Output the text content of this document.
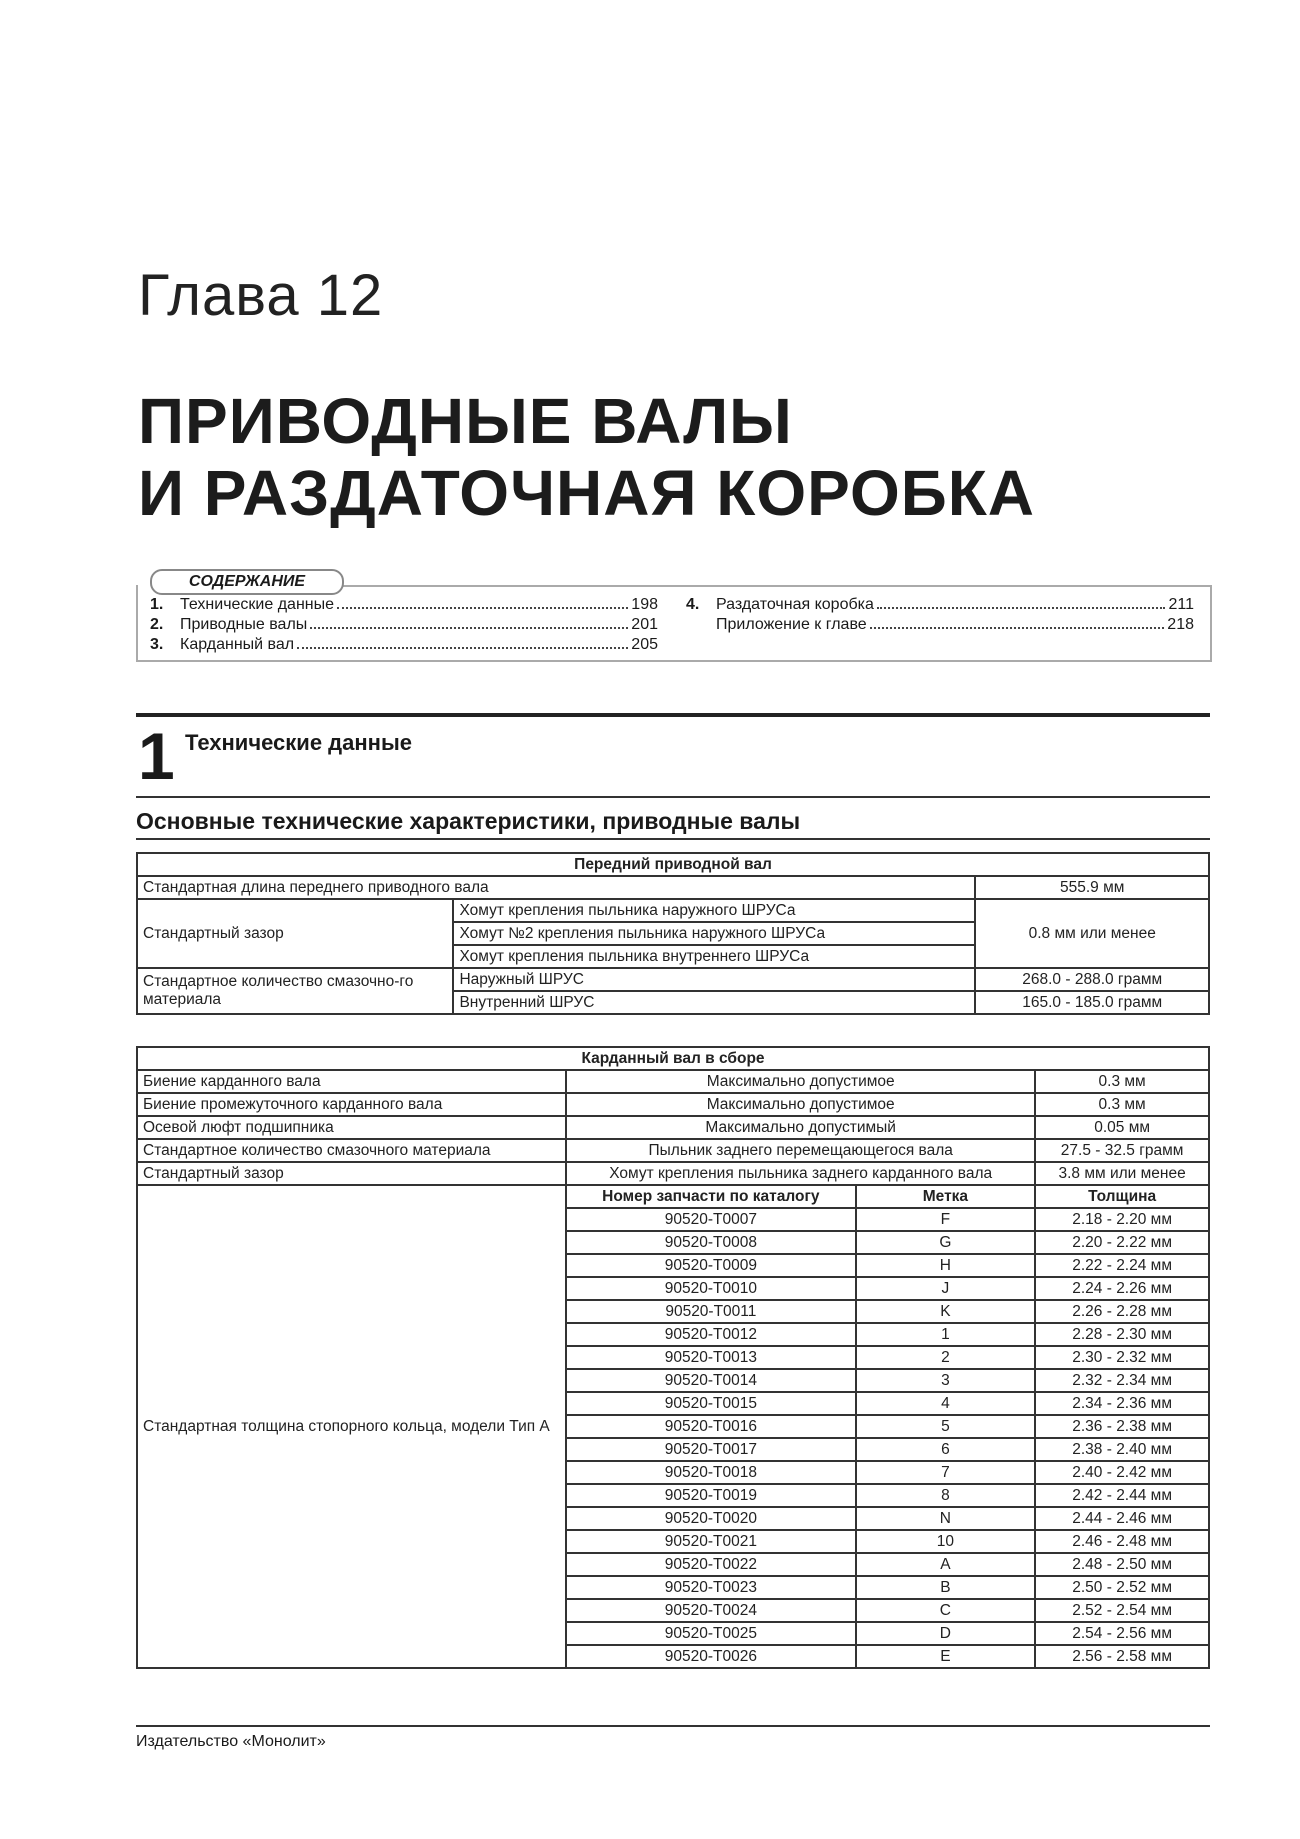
Глава 12
ПРИВОДНЫЕ ВАЛЫ
И РАЗДАТОЧНАЯ КОРОБКА
СОДЕРЖАНИЕ
1.	Технические данные	198
2.	Приводные валы	201
3.	Карданный вал	205
4.	Раздаточная коробка	211
Приложение к главе	218
1 Технические данные
Основные технические характеристики, приводные валы
Передний приводной вал		
Стандартная длина переднего приводного вала		555.9 мм
Стандартный зазор	Хомут крепления пыльника наружного ШРУСа	0.8 мм или менее
	Хомут №2 крепления пыльника наружного ШРУСа	
	Хомут крепления пыльника внутреннего ШРУСа	
Стандартное количество смазочно-го материала	Наружный ШРУС	268.0 - 288.0 грамм
	Внутренний ШРУС	165.0 - 185.0 грамм
Карданный вал в сборе			
Биение карданного вала	Максимально допустимое		0.3 мм
Биение промежуточного карданного вала	Максимально допустимое		0.3 мм
Осевой люфт подшипника	Максимально допустимый		0.05 мм
Стандартное количество смазочного материала	Пыльник заднего перемещающегося вала		27.5 - 32.5 грамм
Стандартный зазор	Хомут крепления пыльника заднего карданного вала		3.8 мм или менее
Стандартная толщина стопорного кольца, модели Тип А	Номер запчасти по каталогу	Метка	Толщина
	90520-T0007	F	2.18 - 2.20 мм
	90520-T0008	G	2.20 - 2.22 мм
	90520-T0009	H	2.22 - 2.24 мм
	90520-T0010	J	2.24 - 2.26 мм
	90520-T0011	K	2.26 - 2.28 мм
	90520-T0012	1	2.28 - 2.30 мм
	90520-T0013	2	2.30 - 2.32 мм
	90520-T0014	3	2.32 - 2.34 мм
	90520-T0015	4	2.34 - 2.36 мм
	90520-T0016	5	2.36 - 2.38 мм
	90520-T0017	6	2.38 - 2.40 мм
	90520-T0018	7	2.40 - 2.42 мм
	90520-T0019	8	2.42 - 2.44 мм
	90520-T0020	N	2.44 - 2.46 мм
	90520-T0021	10	2.46 - 2.48 мм
	90520-T0022	A	2.48 - 2.50 мм
	90520-T0023	B	2.50 - 2.52 мм
	90520-T0024	C	2.52 - 2.54 мм
	90520-T0025	D	2.54 - 2.56 мм
	90520-T0026	E	2.56 - 2.58 мм
Издательство «Монолит»
